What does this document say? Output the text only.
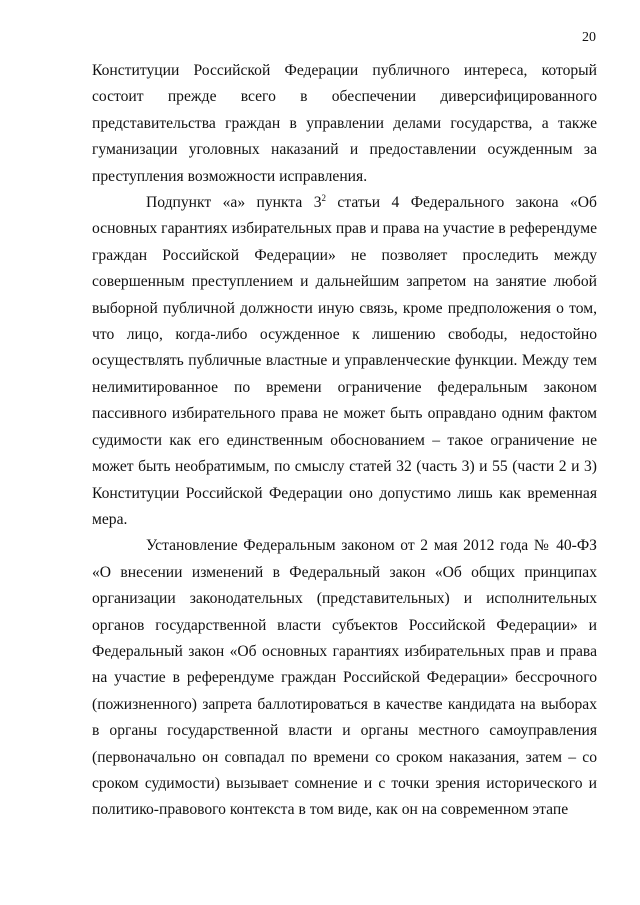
20

Конституции Российской Федерации публичного интереса, который состоит прежде всего в обеспечении диверсифицированного представительства граждан в управлении делами государства, а также гуманизации уголовных наказаний и предоставлении осужденным за преступления возможности исправления.

Подпункт «а» пункта $3^2$ статьи 4 Федерального закона «Об основных гарантиях избирательных прав и права на участие в референдуме граждан Российской Федерации» не позволяет проследить между совершенным преступлением и дальнейшим запретом на занятие любой выборной публичной должности иную связь, кроме предположения о том, что лицо, когда-либо осужденное к лишению свободы, недостойно осуществлять публичные властные и управленческие функции. Между тем нелимитированное по времени ограничение федеральным законом пассивного избирательного права не может быть оправдано одним фактом судимости как его единственным обоснованием – такое ограничение не может быть необратимым, по смыслу статей 32 (часть 3) и 55 (части 2 и 3) Конституции Российской Федерации оно допустимо лишь как временная мера.

Установление Федеральным законом от 2 мая 2012 года № 40-ФЗ «О внесении изменений в Федеральный закон «Об общих принципах организации законодательных (представительных) и исполнительных органов государственной власти субъектов Российской Федерации» и Федеральный закон «Об основных гарантиях избирательных прав и права на участие в референдуме граждан Российской Федерации» бессрочного (пожизненного) запрета баллотироваться в качестве кандидата на выборах в органы государственной власти и органы местного самоуправления (первоначально он совпадал по времени со сроком наказания, затем – со сроком судимости) вызывает сомнение и с точки зрения исторического и политико-правового контекста в том виде, как он на современном этапе
